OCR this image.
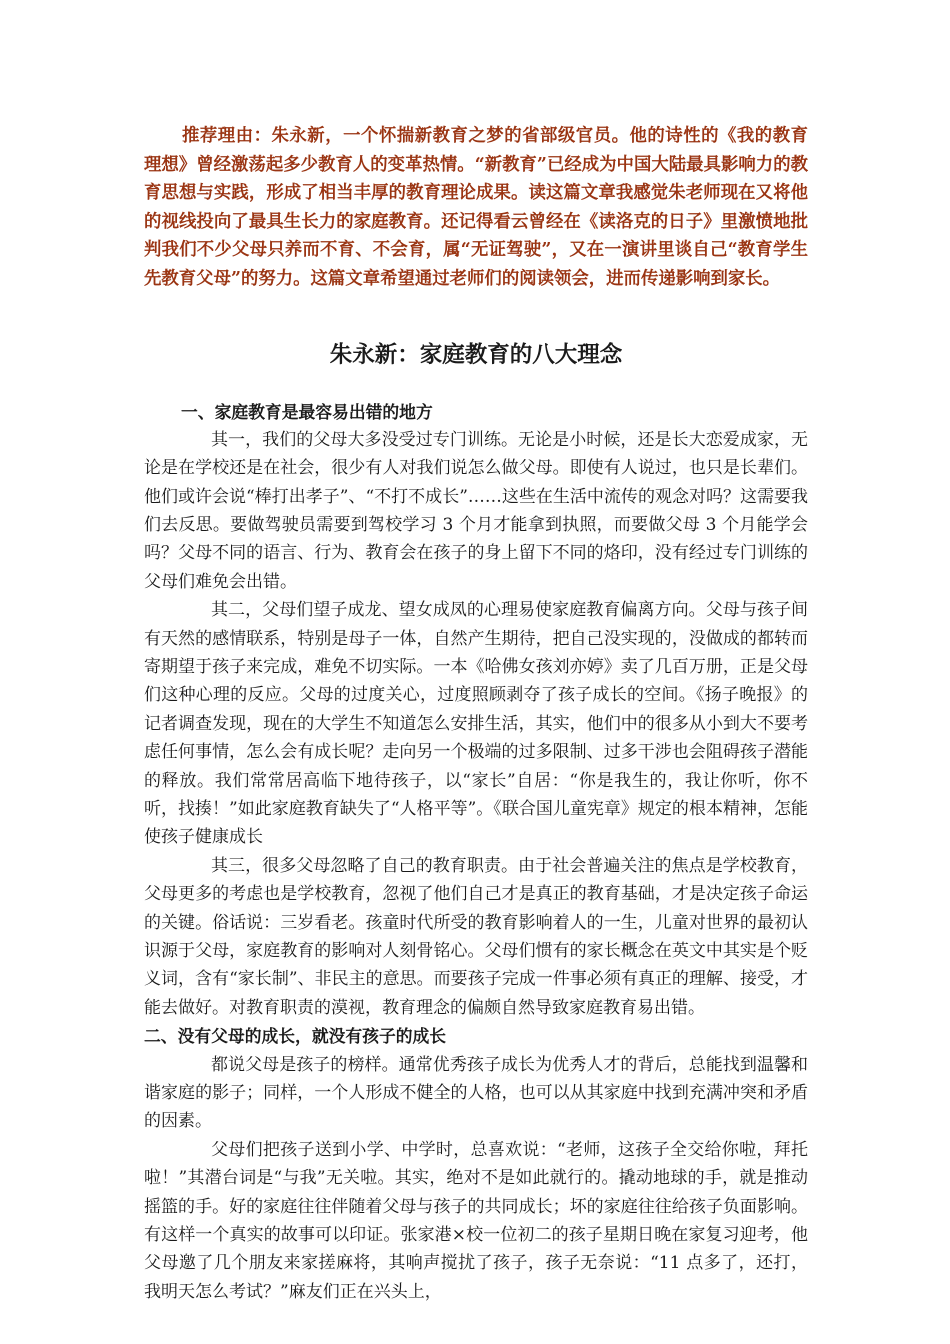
推荐理由：朱永新，一个怀揣新教育之梦的省部级官员。他的诗性的《我的教育理想》曾经激荡起多少教育人的变革热情。“新教育”已经成为中国大陆最具影响力的教育思想与实践，形成了相当丰厚的教育理论成果。读这篇文章我感觉朱老师现在又将他的视线投向了最具生长力的家庭教育。还记得看云曾经在《读洛克的日子》里激愤地批判我们不少父母只养而不育、不会育，属“无证驾驶”，又在一演讲里谈自己“教育学生先教育父母”的努力。这篇文章希望通过老师们的阅读领会，进而传递影响到家长。

朱永新：家庭教育的八大理念
一、家庭教育是最容易出错的地方

其一，我们的父母大多没受过专门训练。无论是小时候，还是长大恋爱成家，无论是在学校还是在社会，很少有人对我们说怎么做父母。即使有人说过，也只是长辈们。他们或许会说“棒打出孝子”、“不打不成长”……这些在生活中流传的观念对吗？这需要我们去反思。要做驾驶员需要到驾校学习 3 个月才能拿到执照，而要做父母 3 个月能学会吗？父母不同的语言、行为、教育会在孩子的身上留下不同的烙印，没有经过专门训练的父母们难免会出错。

其二，父母们望子成龙、望女成凤的心理易使家庭教育偏离方向。父母与孩子间有天然的感情联系，特别是母子一体，自然产生期待，把自己没实现的，没做成的都转而寄期望于孩子来完成，难免不切实际。一本《哈佛女孩刘亦婷》卖了几百万册，正是父母们这种心理的反应。父母的过度关心，过度照顾剥夺了孩子成长的空间。《扬子晚报》的记者调查发现，现在的大学生不知道怎么安排生活，其实，他们中的很多从小到大不要考虑任何事情，怎么会有成长呢？走向另一个极端的过多限制、过多干涉也会阻碍孩子潜能的释放。我们常常居高临下地待孩子，以“家长”自居：“你是我生的，我让你听，你不听，找揍！”如此家庭教育缺失了“人格平等”。《联合国儿童宪章》规定的根本精神，怎能使孩子健康成长

其三，很多父母忽略了自己的教育职责。由于社会普遍关注的焦点是学校教育，父母更多的考虑也是学校教育，忽视了他们自己才是真正的教育基础，才是决定孩子命运的关键。俗话说：三岁看老。孩童时代所受的教育影响着人的一生，儿童对世界的最初认识源于父母，家庭教育的影响对人刻骨铭心。父母们惯有的家长概念在英文中其实是个贬义词，含有“家长制”、非民主的意思。而要孩子完成一件事必须有真正的理解、接受，才能去做好。对教育职责的漠视，教育理念的偏颇自然导致家庭教育易出错。

二、没有父母的成长，就没有孩子的成长

都说父母是孩子的榜样。通常优秀孩子成长为优秀人才的背后，总能找到温馨和谐家庭的影子；同样，一个人形成不健全的人格，也可以从其家庭中找到充满冲突和矛盾的因素。

父母们把孩子送到小学、中学时，总喜欢说：“老师，这孩子全交给你啦，拜托啦！”其潜台词是“与我”无关啦。其实，绝对不是如此就行的。撬动地球的手，就是推动摇篮的手。好的家庭往往伴随着父母与孩子的共同成长；坏的家庭往往给孩子负面影响。有这样一个真实的故事可以印证。张家港×校一位初二的孩子星期日晚在家复习迎考，他父母邀了几个朋友来家搓麻将，其响声搅扰了孩子，孩子无奈说：“11 点多了，还打，我明天怎么考试？”麻友们正在兴头上，
